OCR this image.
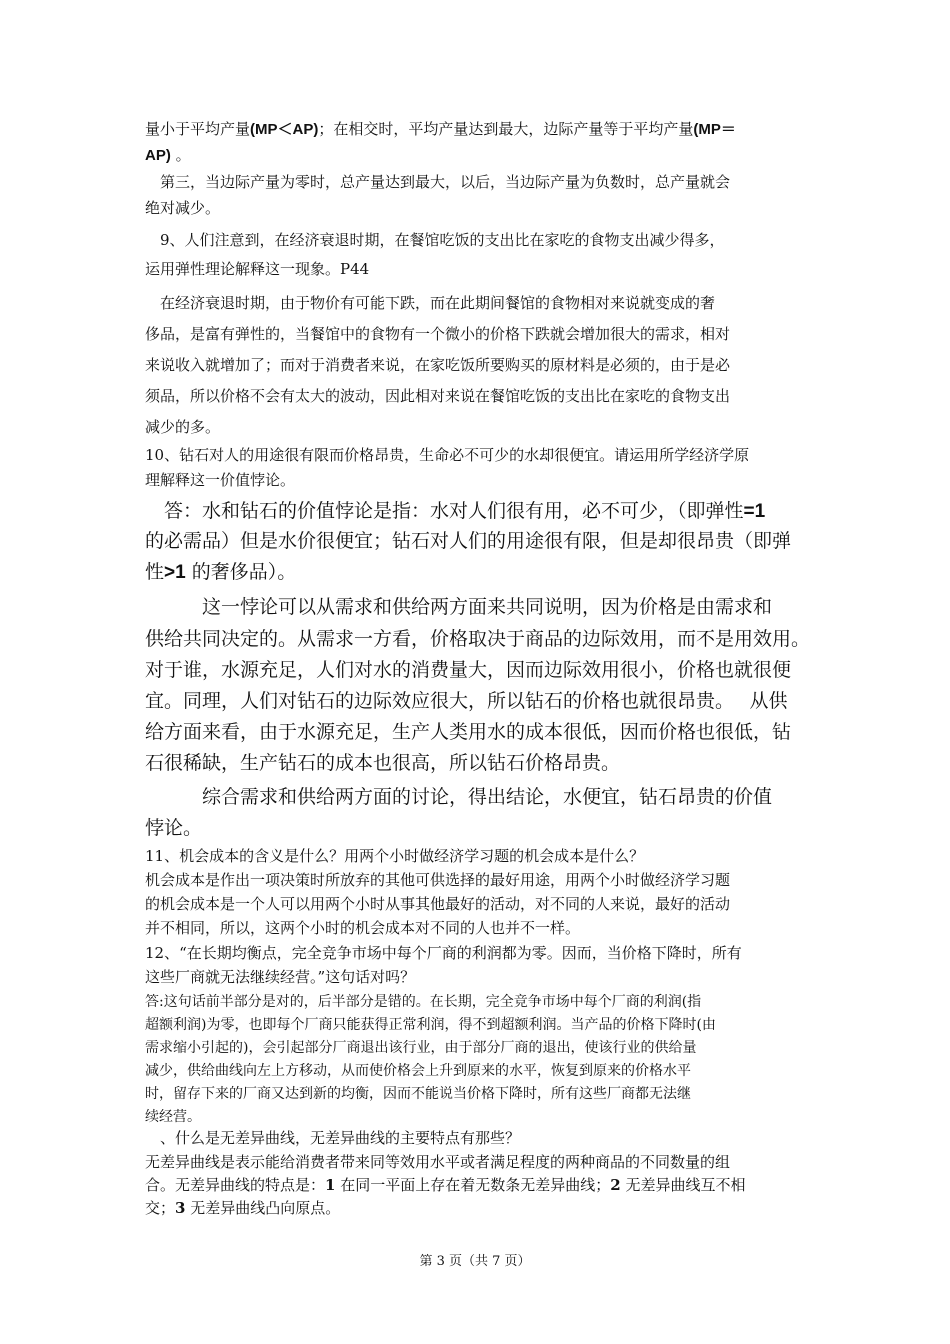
量小于平均产量(MP＜AP)；在相交时，平均产量达到最大，边际产量等于平均产量(MP＝
AP) 。
　第三，当边际产量为零时，总产量达到最大，以后，当边际产量为负数时，总产量就会
绝对减少。
　9、人们注意到，在经济衰退时期，在餐馆吃饭的支出比在家吃的食物支出减少得多，
运用弹性理论解释这一现象。P44
　在经济衰退时期，由于物价有可能下跌，而在此期间餐馆的食物相对来说就变成的奢
侈品，是富有弹性的，当餐馆中的食物有一个微小的价格下跌就会增加很大的需求，相对
来说收入就增加了；而对于消费者来说，在家吃饭所要购买的原材料是必须的，由于是必
须品，所以价格不会有太大的波动，因此相对来说在餐馆吃饭的支出比在家吃的食物支出
减少的多。
10、钻石对人的用途很有限而价格昂贵，生命必不可少的水却很便宜。请运用所学经济学原
理解释这一价值悖论。
　答：水和钻石的价值悖论是指：水对人们很有用，必不可少，（即弹性=1
的必需品）但是水价很便宜；钻石对人们的用途很有限，但是却很昂贵（即弹
性>1 的奢侈品）。
　　　这一悖论可以从需求和供给两方面来共同说明，因为价格是由需求和
供给共同决定的。从需求一方看，价格取决于商品的边际效用，而不是用效用。
对于谁，水源充足，人们对水的消费量大，因而边际效用很小，价格也就很便
宜。同理，人们对钻石的边际效应很大，所以钻石的价格也就很昂贵。　 从供
给方面来看，由于水源充足，生产人类用水的成本很低，因而价格也很低，钻
石很稀缺，生产钻石的成本也很高，所以钻石价格昂贵。
　　　综合需求和供给两方面的讨论，得出结论，水便宜，钻石昂贵的价值
悖论。
11、机会成本的含义是什么？用两个小时做经济学习题的机会成本是什么？
机会成本是作出一项决策时所放弃的其他可供选择的最好用途，用两个小时做经济学习题
的机会成本是一个人可以用两个小时从事其他最好的活动，对不同的人来说，最好的活动
并不相同，所以，这两个小时的机会成本对不同的人也并不一样。
12、“在长期均衡点，完全竞争市场中每个厂商的利润都为零。因而，当价格下降时，所有
这些厂商就无法继续经营。”这句话对吗？
答:这句话前半部分是对的，后半部分是错的。在长期，完全竞争市场中每个厂商的利润(指
超额利润)为零，也即每个厂商只能获得正常利润，得不到超额利润。当产品的价格下降时(由
需求缩小引起的)，会引起部分厂商退出该行业，由于部分厂商的退出，使该行业的供给量
减少，供给曲线向左上方移动，从而使价格会上升到原来的水平，恢复到原来的价格水平
时，留存下来的厂商又达到新的均衡，因而不能说当价格下降时，所有这些厂商都无法继
续经营。
　、什么是无差异曲线，无差异曲线的主要特点有那些？
无差异曲线是表示能给消费者带来同等效用水平或者满足程度的两种商品的不同数量的组
合。无差异曲线的特点是：1 在同一平面上存在着无数条无差异曲线；2 无差异曲线互不相
交；3 无差异曲线凸向原点。
第 3 页（共 7 页）
